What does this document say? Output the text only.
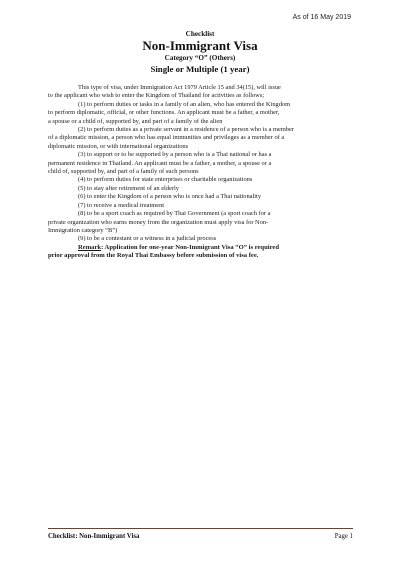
As of 16 May 2019
Checklist
Non-Immigrant Visa
Category “O” (Others)
Single or Multiple (1 year)

This type of visa, under Immigration Act 1979 Article 15 and 34(15), will issue

to the applicant who wish to enter the Kingdom of Thailand for activities as follows;

(1) to perform duties or tasks in a family of an alien, who has entered the Kingdom

to perform diplomatic, official, or other functions. An applicant must be a father, a mother,

a spouse or a child of, supported by, and part of a family of the alien

(2) to perform duties as a private servant in a residence of a person who is a member

of a diplomatic mission, a person who has equal immunities and privileges as a member of a

diplomatic mission, or with international organizations

(3) to support or to be supported by a person who is a Thai national or has a

permanent residence in Thailand. An applicant must be a father, a mother, a spouse or a

child of, supported by, and part of a family of such persons

(4) to perform duties for state enterprises or charitable organizations

(5) to stay after retirement of an elderly

(6) to enter the Kingdom of a person who is once had a Thai nationality

(7) to receive a medical treatment

(8) to be a sport coach as required by Thai Government (a sport coach for a

private organization who earns money from the organization must apply visa for Non-

Immigration category “B”)

(9) to be a contestant or a witness in a judicial process

Remark: Application for one-year Non-Immigrant Visa “O” is required

prior approval from the Royal Thai Embassy before submission of visa fee.

Checklist: Non-Immigrant Visa	Page 1
